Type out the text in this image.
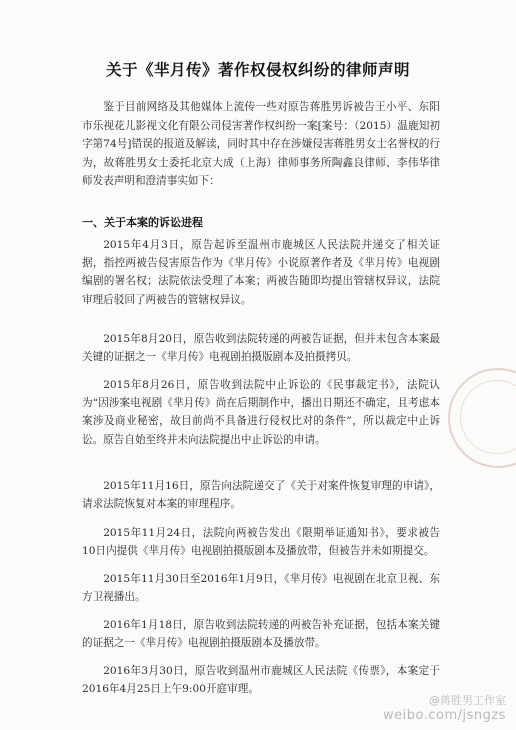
关于《芈月传》著作权侵权纠纷的律师声明
鉴于目前网络及其他媒体上流传一些对原告蒋胜男诉被告王小平、东阳市乐视花儿影视文化有限公司侵害著作权纠纷一案[案号：（2015）温鹿知初字第74号]错误的报道及解读，同时其中存在涉嫌侵害蒋胜男女士名誉权的行为，故蒋胜男女士委托北京大成（上海）律师事务所陶鑫良律师、李伟华律师发表声明和澄清事实如下：
一、关于本案的诉讼进程
2015年4月3日，原告起诉至温州市鹿城区人民法院并递交了相关证据，指控两被告侵害原告作为《芈月传》小说原著作者及《芈月传》电视剧编剧的署名权；法院依法受理了本案；两被告随即均提出管辖权异议，法院审理后驳回了两被告的管辖权异议。
2015年8月20日，原告收到法院转递的两被告证据，但并未包含本案最关键的证据之一《芈月传》电视剧拍摄版剧本及拍摄拷贝。
2015年8月26日，原告收到法院中止诉讼的《民事裁定书》，法院认为“因涉案电视剧《芈月传》尚在后期制作中，播出日期还不确定，且考虑本案涉及商业秘密，故目前尚不具备进行侵权比对的条件”，所以裁定中止诉讼。原告自始至终并未向法院提出中止诉讼的申请。
2015年11月16日，原告向法院递交了《关于对案件恢复审理的申请》，请求法院恢复对本案的审理程序。
2015年11月24日，法院向两被告发出《限期举证通知书》，要求被告10日内提供《芈月传》电视剧拍摄版剧本及播放带，但被告并未如期提交。
2015年11月30日至2016年1月9日，《芈月传》电视剧在北京卫视、东方卫视播出。
2016年1月18日，原告收到法院转递的两被告补充证据，包括本案关键的证据之一《芈月传》电视剧拍摄版剧本及播放带。
2016年3月30日，原告收到温州市鹿城区人民法院《传票》，本案定于2016年4月25日上午9:00开庭审理。
@蒋胜男工作室
weibo.com/jsngzs
